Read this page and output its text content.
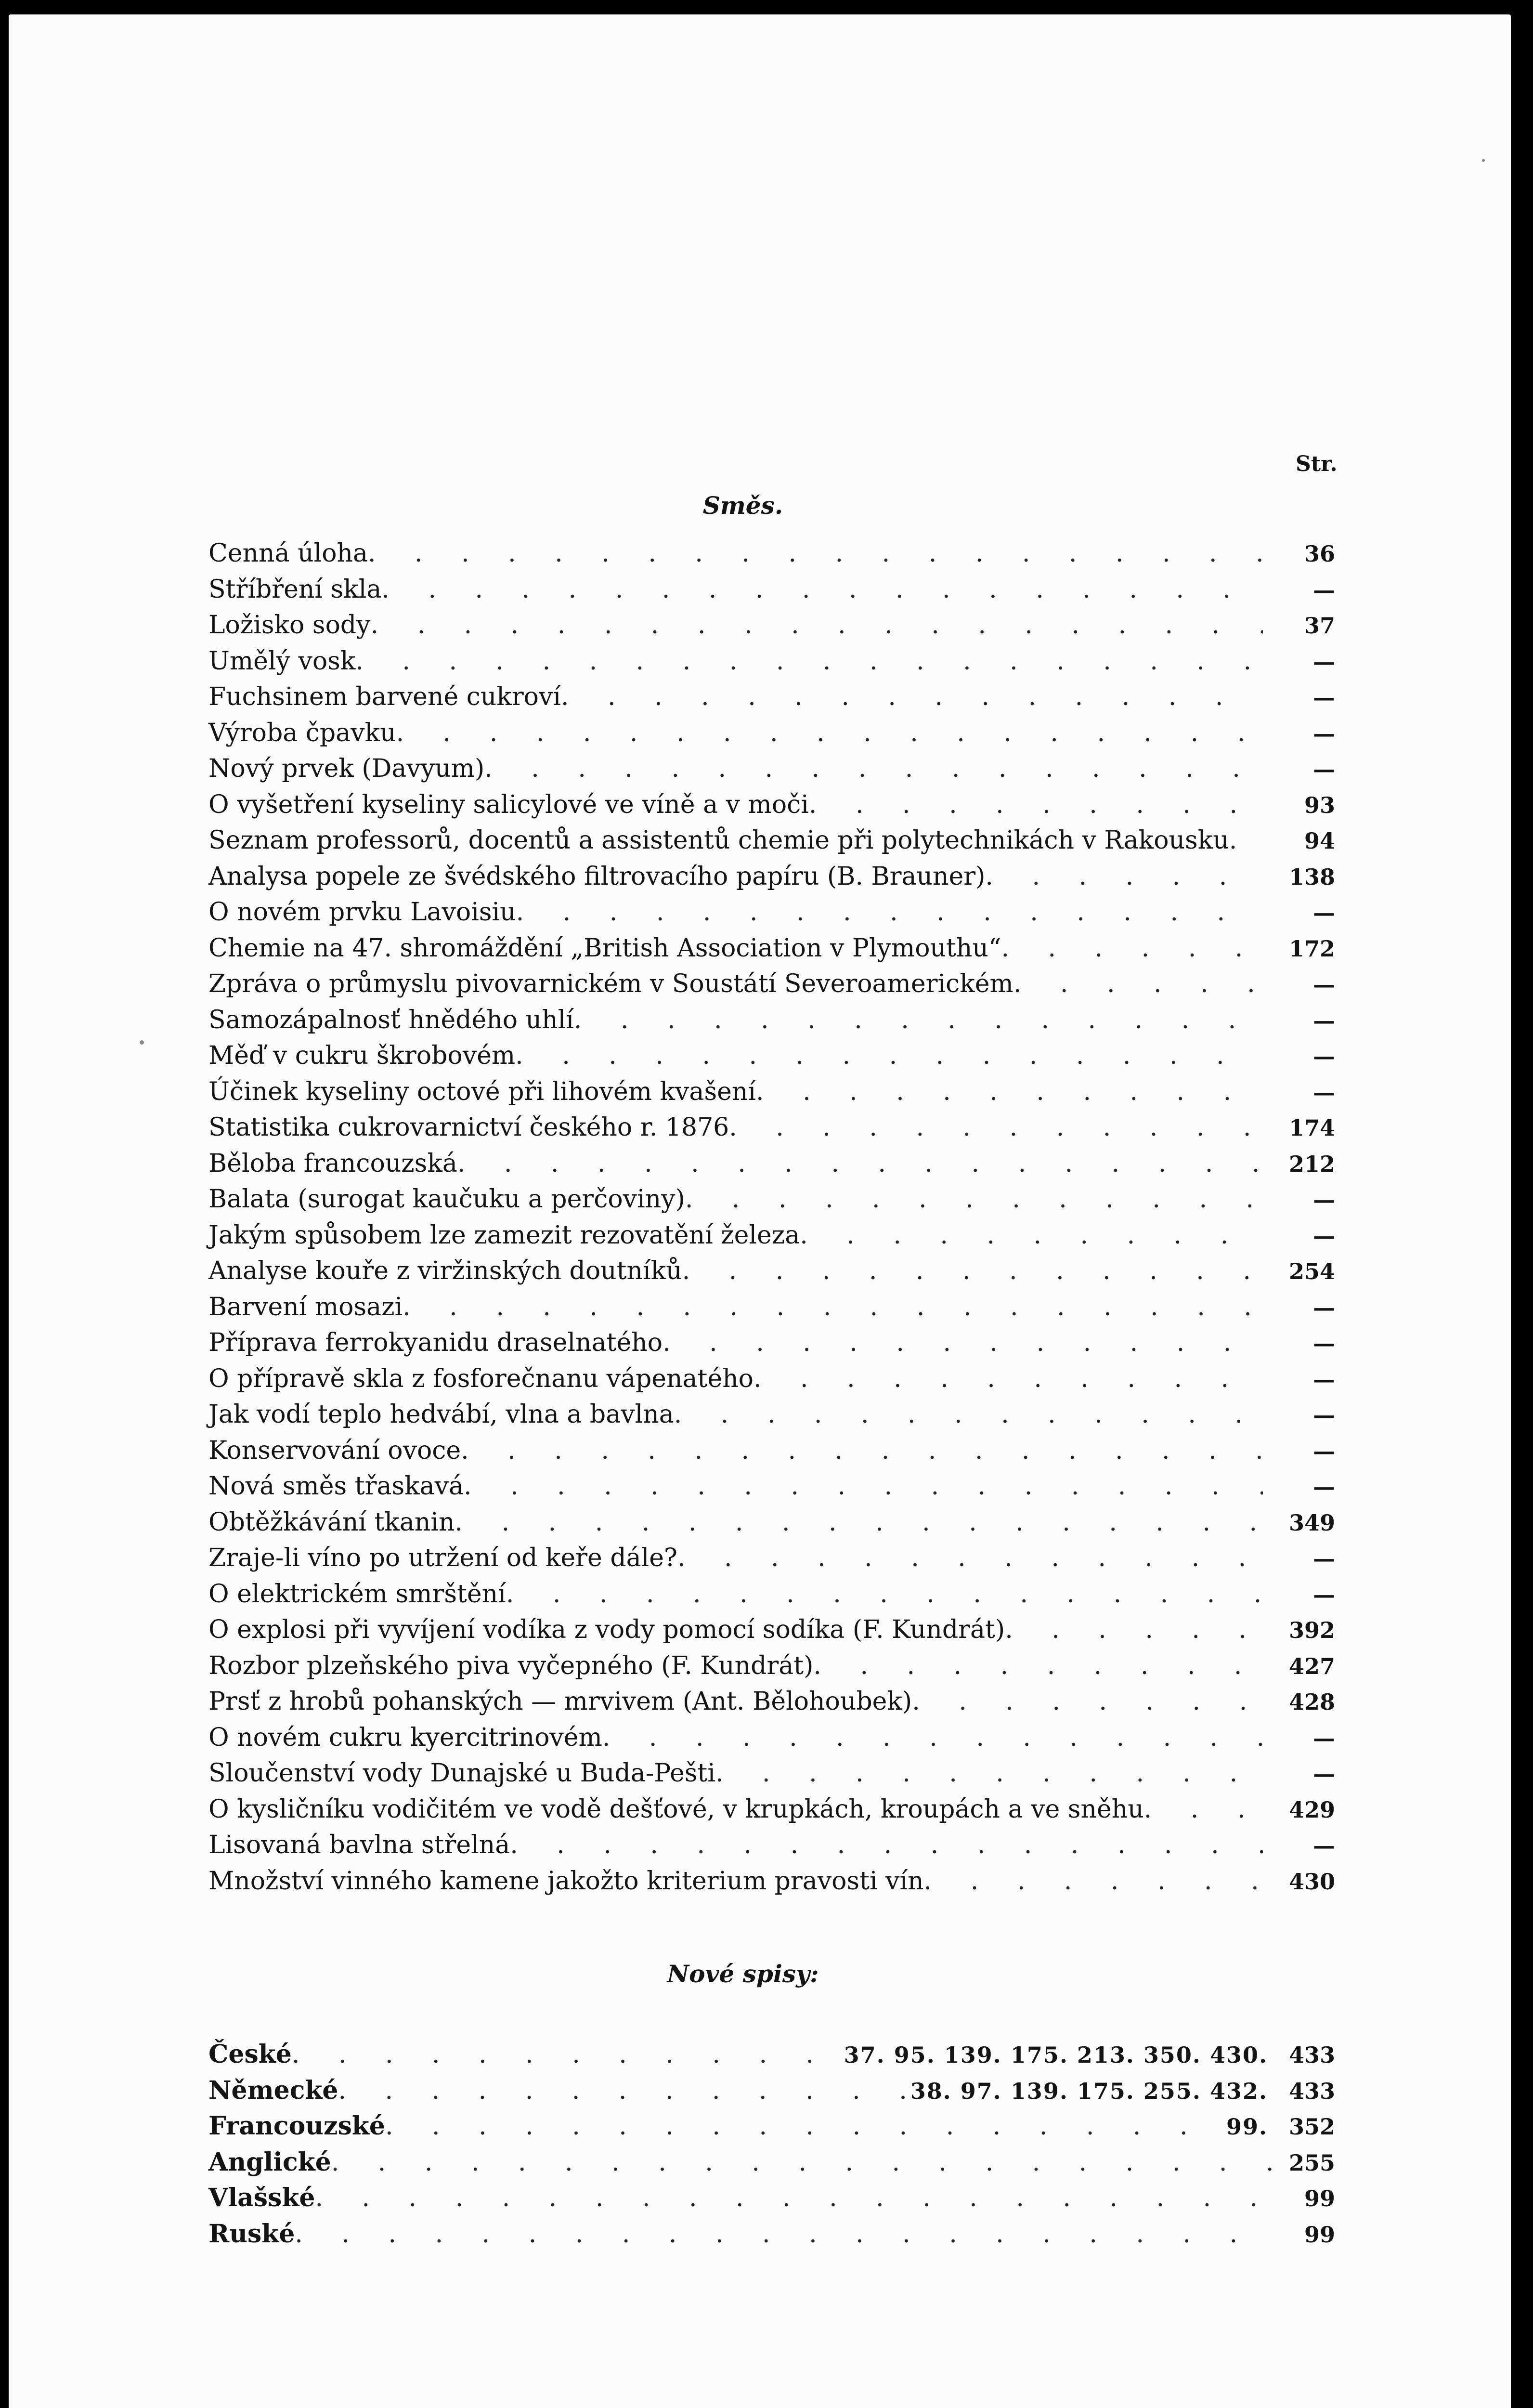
Str.
Směs.
Cenná úloha . . .	36
Stříbření skla . . .	—
Ložisko sody . . .	37
Umělý vosk . . .	—
Fuchsinem barvené cukroví . . .	—
Výroba čpavku . . .	—
Nový prvek (Davyum) . . .	—
O vyšetření kyseliny salicylové ve víně a v moči . . .	93
Seznam professorů, docentů a assistentů chemie při polytechnikách v Rakousku . . .	94
Analysa popele ze švédského filtrovacího papíru (B. Brauner) . . .	138
O novém prvku Lavoisiu . . .	—
Chemie na 47. shromáždění „British Association v Plymouthu“ . . .	172
Zpráva o průmyslu pivovarnickém v Soustátí Severoamerickém . . .	—
Samozápalnosť hnědého uhlí . . .	—
Měď v cukru škrobovém . . .	—
Účinek kyseliny octové při lihovém kvašení . . .	—
Statistika cukrovarnictví českého r. 1876 . . .	174
Běloba francouzská . . .	212
Balata (surogat kaučuku a perčoviny) . . .	—
Jakým spůsobem lze zamezit rezovatění železa . . .	—
Analyse kouře z viržinských doutníků . . .	254
Barvení mosazi . . .	—
Příprava ferrokyanidu draselnatého . . .	—
O přípravě skla z fosforečnanu vápenatého . . .	—
Jak vodí teplo hedvábí, vlna a bavlna . . .	—
Konservování ovoce . . .	—
Nová směs třaskavá . . .	—
Obtěžkávání tkanin . . .	349
Zraje-li víno po utržení od keře dále? . . .	—
O elektrickém smrštění . . .	—
O explosi při vyvíjení vodíka z vody pomocí sodíka (F. Kundrát) . . .	392
Rozbor plzeňského piva vyčepného (F. Kundrát) . . .	427
Prsť z hrobů pohanských — mrvivem (Ant. Bělohoubek) . . .	428
O novém cukru kyercitrinovém . . .	—
Sloučenství vody Dunajské u Buda-Pešti . . .	—
O kysličníku vodičitém ve vodě dešťové, v krupkách, kroupách a ve sněhu . . .	429
Lisovaná bavlna střelná . . .	—
Množství vinného kamene jakožto kriterium pravosti vín . . .	430
Nové spisy:
České . . .	37. 95. 139. 175. 213. 350. 430. 433
Německé . . .	38. 97. 139. 175. 255. 432. 433
Francouzské . . .	99. 352
Anglické . . .	255
Vlašské . . .	99
Ruské . . .	99
